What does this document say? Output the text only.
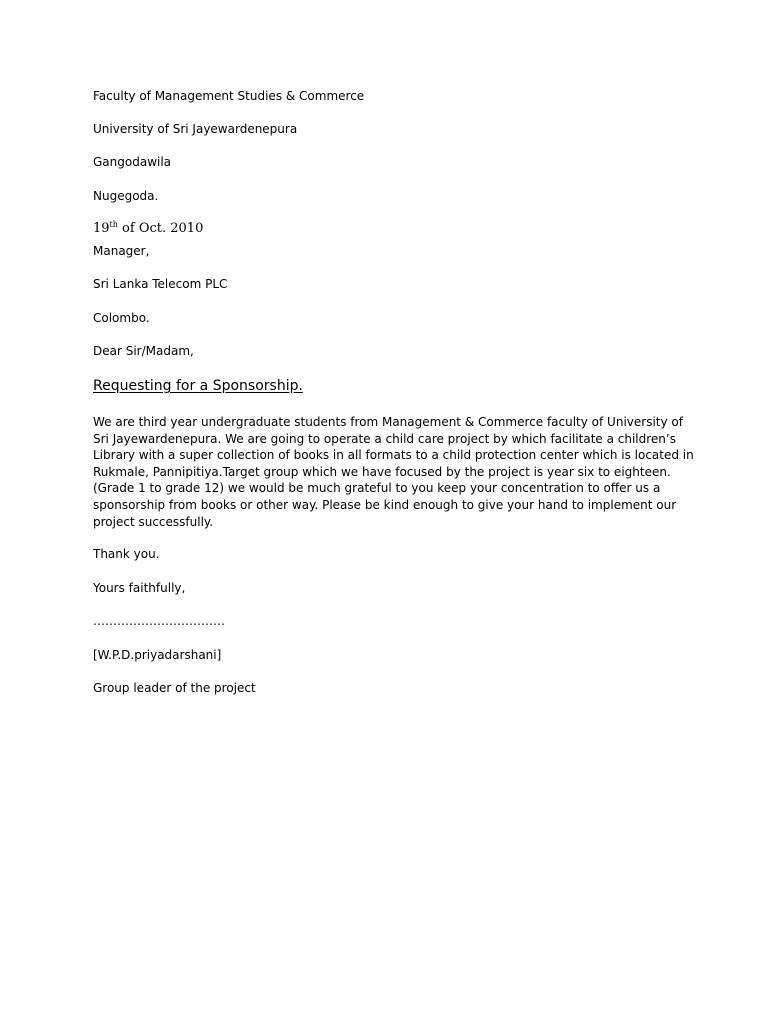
Faculty of Management Studies & Commerce
University of Sri Jayewardenepura
Gangodawila
Nugegoda.
19th of Oct. 2010
Manager,
Sri Lanka Telecom PLC
Colombo.
Dear Sir/Madam,
Requesting for a Sponsorship.
We are third year undergraduate students from Management & Commerce faculty of University of
Sri Jayewardenepura. We are going to operate a child care project by which facilitate a children’s
Library with a super collection of books in all formats to a child protection center which is located in
Rukmale, Pannipitiya.Target group which we have focused by the project is year six to eighteen.
(Grade 1 to grade 12) we would be much grateful to you keep your concentration to offer us a
sponsorship from books or other way. Please be kind enough to give your hand to implement our
project successfully.
Thank you.
Yours faithfully,
……………………………
[W.P.D.priyadarshani]
Group leader of the project
